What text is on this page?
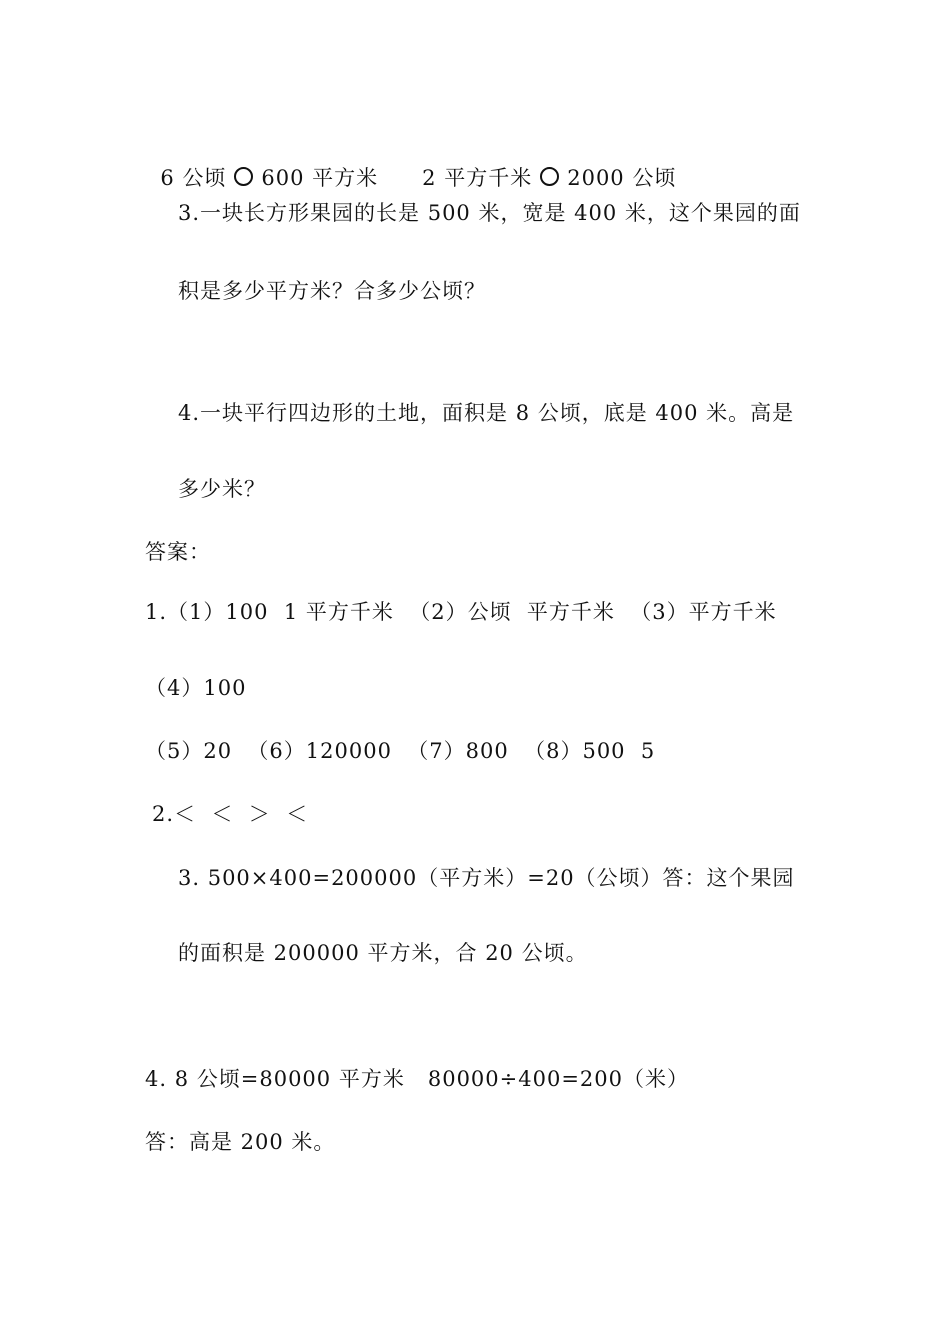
6 公顷 600 平方米 2 平方千米 2000 公顷

3.一块长方形果园的长是 500 米，宽是 400 米，这个果园的面
积是多少平方米？合多少公顷？
4.一块平行四边形的土地，面积是 8 公顷，底是 400 米。高是
多少米？
答案：
1.（1）100  1 平方千米  （2）公顷  平方千米  （3）平方千米
（4）100
（5）20  （6）120000  （7）800  （8）500  5
2.＜  ＜  ＞  ＜
3. 500×400=200000（平方米）=20（公顷）答：这个果园
的面积是 200000 平方米，合 20 公顷。
4. 8 公顷=80000 平方米   80000÷400=200（米）
答：高是 200 米。
